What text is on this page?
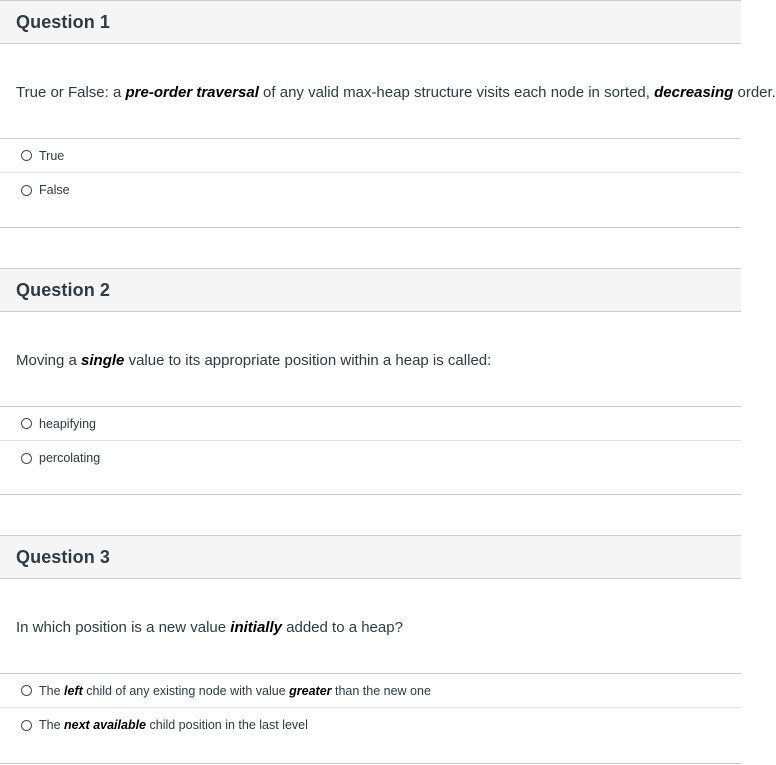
Question 1
True or False: a pre-order traversal of any valid max-heap structure visits each node in sorted, decreasing order.
True
False
Question 2
Moving a single value to its appropriate position within a heap is called:
heapifying
percolating
Question 3
In which position is a new value initially added to a heap?
The left child of any existing node with value greater than the new one
The next available child position in the last level
